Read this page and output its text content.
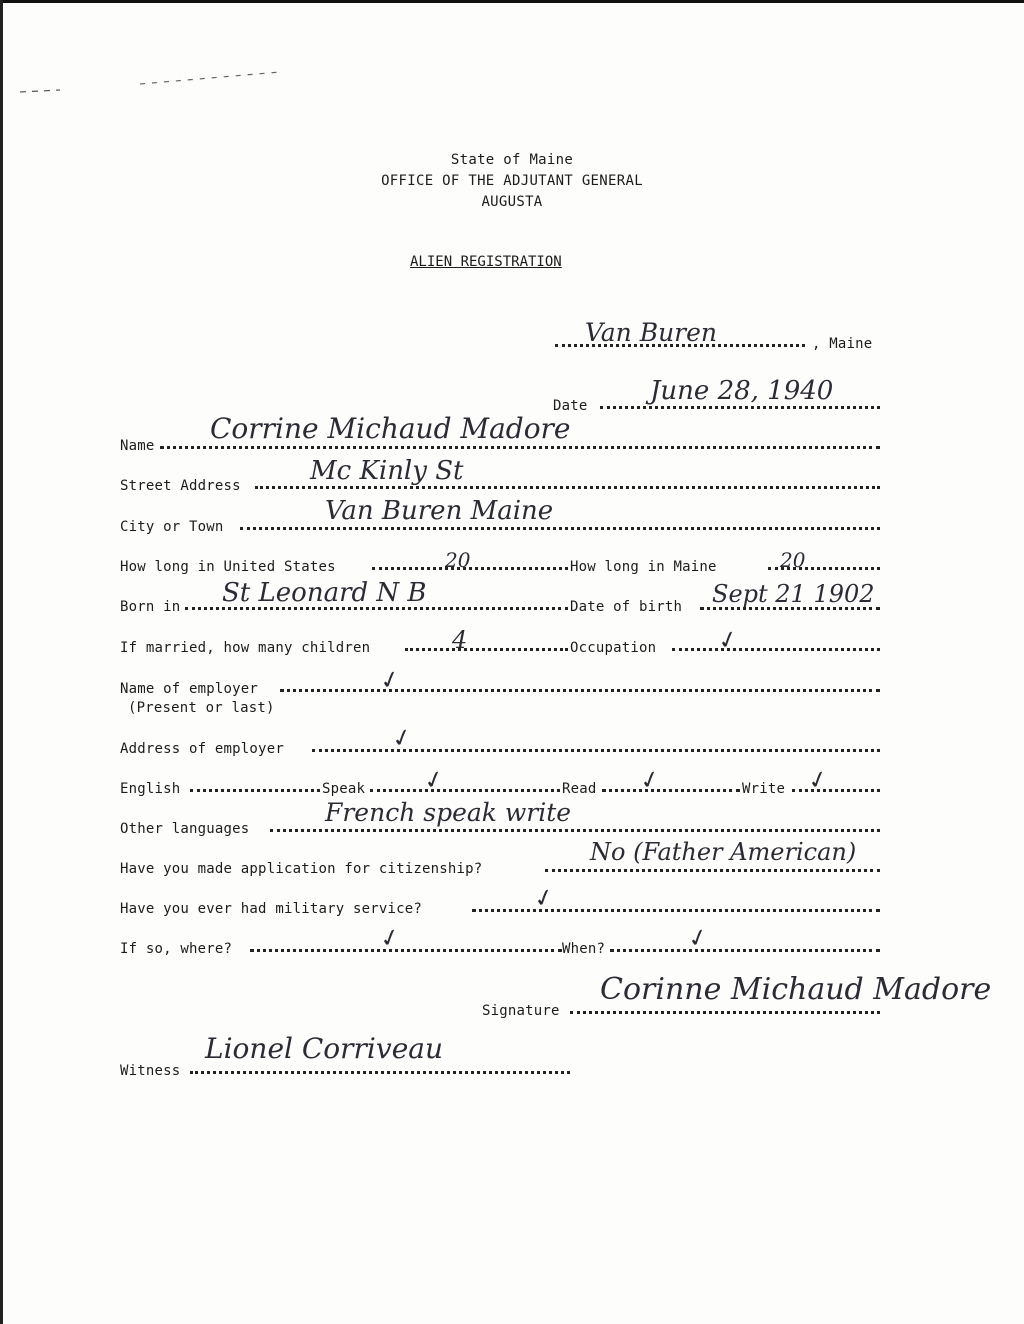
State of Maine
OFFICE OF THE ADJUTANT GENERAL
AUGUSTA
ALIEN REGISTRATION
Van Buren	, Maine
Date June 28, 1940
Name
Corrine Michaud Madore
Street Address	Mc Kinly St
City or Town
Van Buren Maine
How long in United States	20	How long in Maine	20
Born in St Leonard N B	Date of birth Sept 21 1902
If married, how many children	4	Occupation ✓
Name of employer	✓
(Present or last)
Address of employer	✓
English	Speak ✓	Read ✓	Write ✓
Other languages
French speak write
Have you made application for citizenship?
No (Father American)
Have you ever had military service?	✓
If so, where?	✓	When?	✓
Signature
Corinne Michaud Madore
Witness
Lionel Corriveau
